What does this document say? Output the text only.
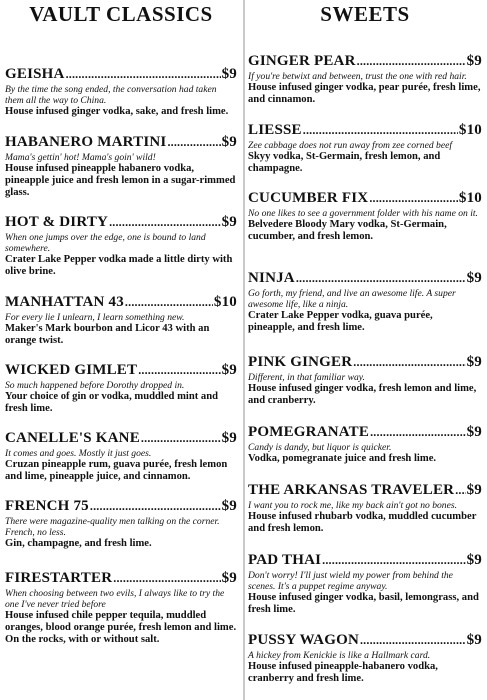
VAULT CLASSICS
GEISHA .....	$9
By the time the song ended, the conversation had taken them all the way to China.
House infused ginger vodka, sake, and fresh lime.
HABANERO MARTINI .....	$9
Mama's gettin' hot! Mama's goin' wild!
House infused pineapple habanero vodka, pineapple juice and fresh lemon in a sugar-rimmed glass.
HOT & DIRTY .....	$9
When one jumps over the edge, one is bound to land somewhere.
Crater Lake Pepper vodka made a little dirty with olive brine.
MANHATTAN 43 .....	$10
For every lie I unlearn, I learn something new.
Maker's Mark bourbon and Licor 43 with an orange twist.
WICKED GIMLET .....	$9
So much happened before Dorothy dropped in.
Your choice of gin or vodka, muddled mint and fresh lime.
CANELLE'S KANE .....	$9
It comes and goes. Mostly it just goes.
Cruzan pineapple rum, guava purée, fresh lemon and lime, pineapple juice, and cinnamon.
FRENCH 75 .....	$9
There were magazine-quality men talking on the corner. French, no less.
Gin, champagne, and fresh lime.
FIRESTARTER .....	$9
When choosing between two evils, I always like to try the one I've never tried before
House infused chile pepper tequila, muddled oranges, blood orange purée, fresh lemon and lime. On the rocks, with or without salt.
SWEETS
GINGER PEAR .....	$9
If you're betwixt and between, trust the one with red hair.
House infused ginger vodka, pear purée, fresh lime, and cinnamon.
LIESSE .....	$10
Zee cabbage does not run away from zee corned beef
Skyy vodka, St-Germain, fresh lemon, and champagne.
CUCUMBER FIX .....	$10
No one likes to see a government folder with his name on it.
Belvedere Bloody Mary vodka, St-Germain, cucumber, and fresh lemon.
NINJA .....	$9
Go forth, my friend, and live an awesome life. A super awesome life, like a ninja.
Crater Lake Pepper vodka, guava purée, pineapple, and fresh lime.
PINK GINGER .....	$9
Different, in that familiar way.
House infused ginger vodka, fresh lemon and lime, and cranberry.
POMEGRANATE .....	$9
Candy is dandy, but liquor is quicker.
Vodka, pomegranate juice and fresh lime.
THE ARKANSAS TRAVELER ..... $9
I want you to rock me, like my back ain't got no bones.
House infused rhubarb vodka, muddled cucumber and fresh lemon.
PAD THAI .....	$9
Don't worry! I'll just wield my power from behind the scenes. It's a puppet regime anyway.
House infused ginger vodka, basil, lemongrass, and fresh lime.
PUSSY WAGON .....	$9
A hickey from Kenickie is like a Hallmark card.
House infused pineapple-habanero vodka, cranberry and fresh lime.
